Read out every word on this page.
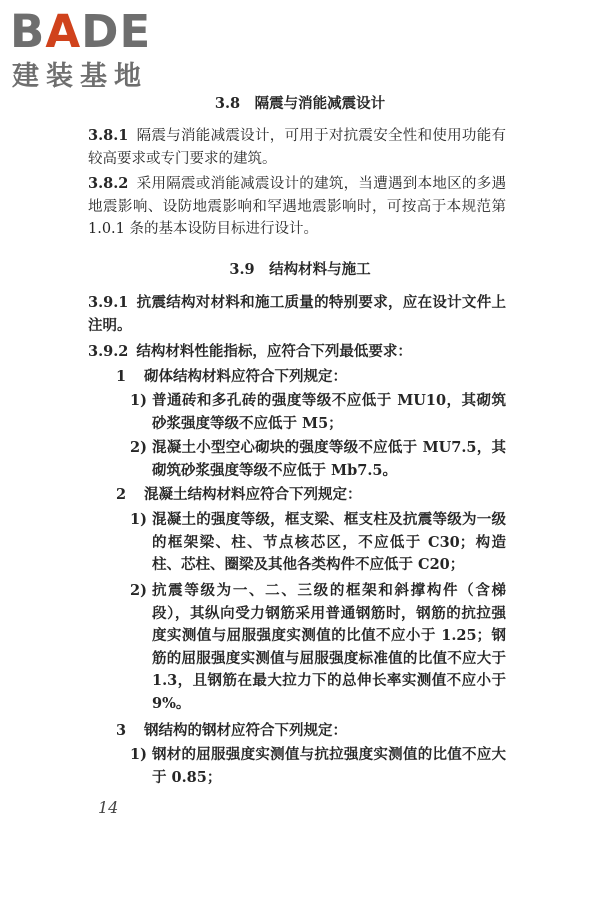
BADE
建装基地
3.8　隔震与消能减震设计

3.8.1 隔震与消能减震设计，可用于对抗震安全性和使用功能有较高要求或专门要求的建筑。

3.8.2 采用隔震或消能减震设计的建筑，当遭遇到本地区的多遇地震影响、设防地震影响和罕遇地震影响时，可按高于本规范第 1.0.1 条的基本设防目标进行设计。

3.9　结构材料与施工

3.9.1 抗震结构对材料和施工质量的特别要求，应在设计文件上注明。

3.9.2 结构材料性能指标，应符合下列最低要求：

1 砌体结构材料应符合下列规定：

1) 普通砖和多孔砖的强度等级不应低于 MU10，其砌筑砂浆强度等级不应低于 M5；

2) 混凝土小型空心砌块的强度等级不应低于 MU7.5，其砌筑砂浆强度等级不应低于 Mb7.5。

2 混凝土结构材料应符合下列规定：

1) 混凝土的强度等级，框支梁、框支柱及抗震等级为一级的框架梁、柱、节点核芯区，不应低于 C30；构造柱、芯柱、圈梁及其他各类构件不应低于 C20；

2) 抗震等级为一、二、三级的框架和斜撑构件（含梯段），其纵向受力钢筋采用普通钢筋时，钢筋的抗拉强度实测值与屈服强度实测值的比值不应小于 1.25；钢筋的屈服强度实测值与屈服强度标准值的比值不应大于 1.3，且钢筋在最大拉力下的总伸长率实测值不应小于 9%。

3 钢结构的钢材应符合下列规定：

1) 钢材的屈服强度实测值与抗拉强度实测值的比值不应大于 0.85；

14
